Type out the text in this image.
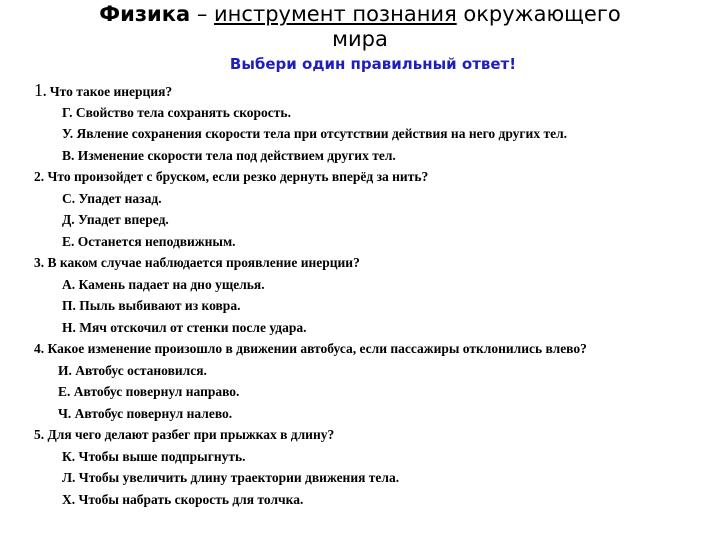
Физика – инструмент познания окружающего
мира
Выбери один правильный ответ!
1. Что такое инерция?
Г. Свойство тела сохранять скорость.
У. Явление сохранения скорости тела при отсутствии действия на него других тел.
В. Изменение скорости тела под действием других тел.
2. Что произойдет с бруском, если резко дернуть вперёд за нить?
С. Упадет назад.
Д. Упадет вперед.
Е. Останется неподвижным.
3. В каком случае наблюдается проявление инерции?
А. Камень падает на дно ущелья.
П. Пыль выбивают из ковра.
Н. Мяч отскочил от стенки после удара.
4. Какое изменение произошло в движении автобуса, если пассажиры отклонились влево?
И. Автобус остановился.
Е. Автобус повернул направо.
Ч. Автобус повернул налево.
5. Для чего делают разбег при прыжках в длину?
К. Чтобы выше подпрыгнуть.
Л. Чтобы увеличить длину траектории движения тела.
Х. Чтобы набрать скорость для толчка.
